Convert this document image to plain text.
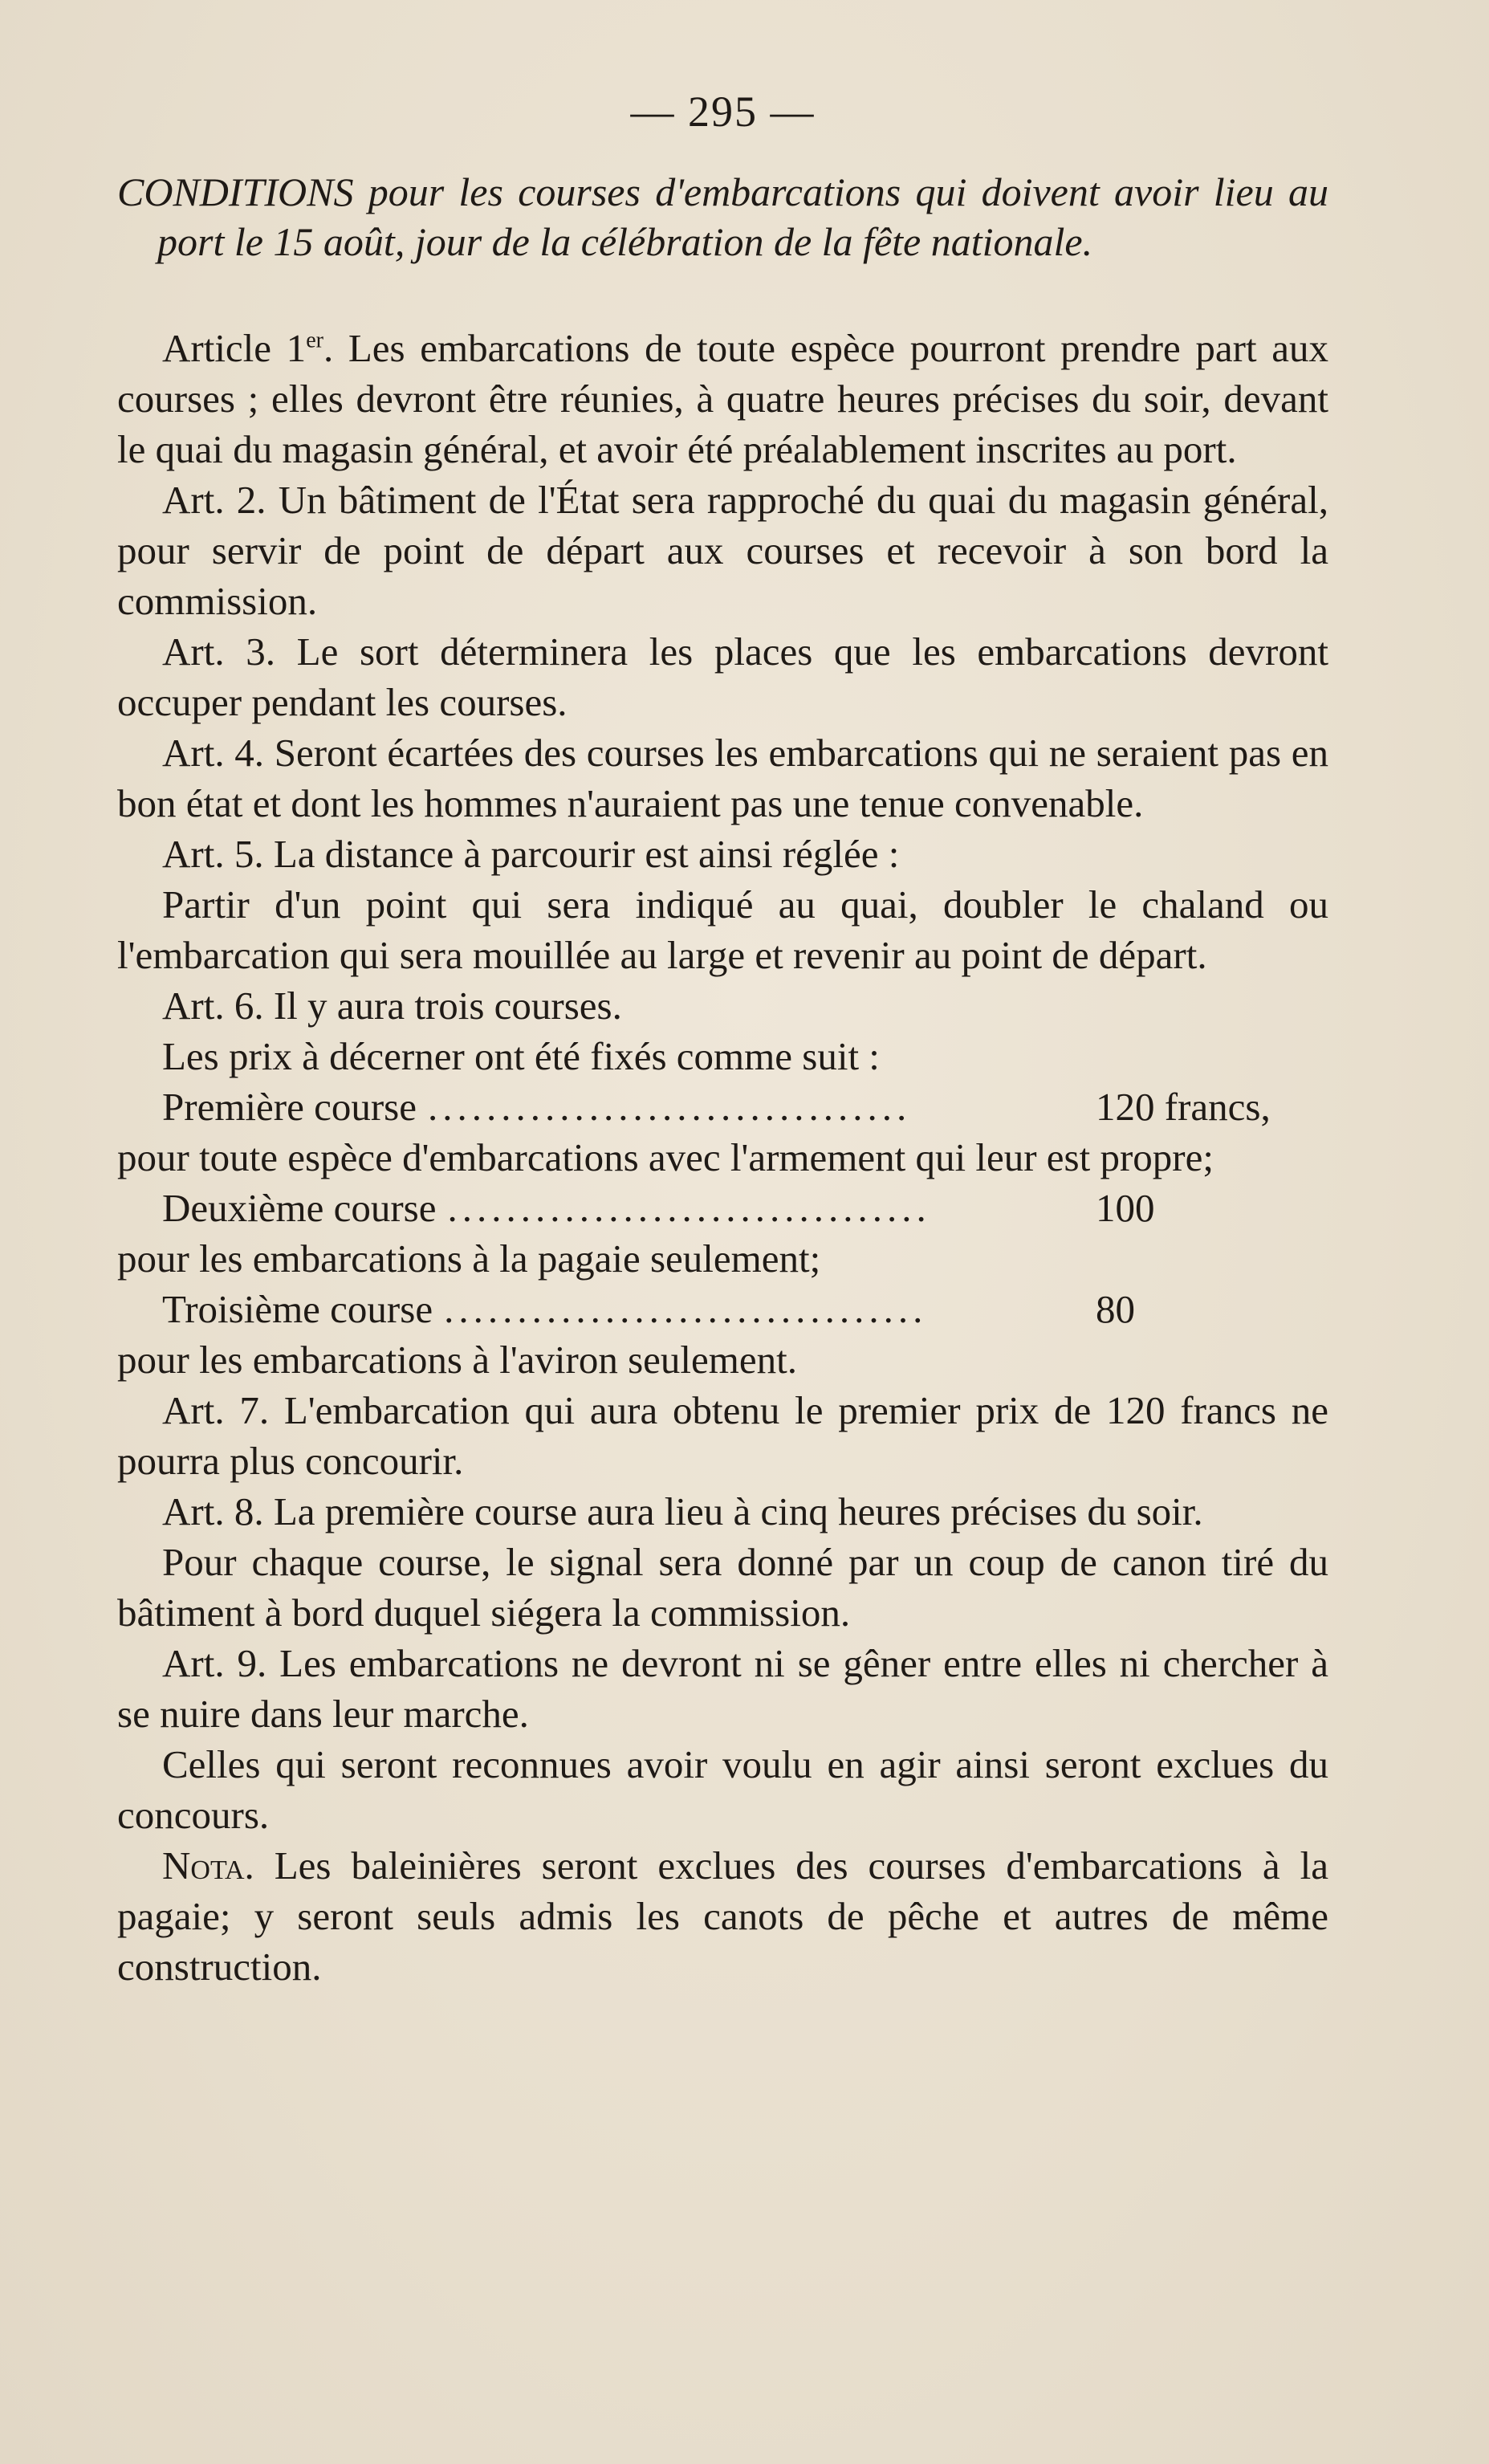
— 295 —
CONDITIONS pour les courses d'embarcations qui doivent avoir lieu au port le 15 août, jour de la célébration de la fête nationale.

Article 1er. Les embarcations de toute espèce pourront prendre part aux courses ; elles devront être réunies, à quatre heures précises du soir, devant le quai du magasin général, et avoir été préalablement inscrites au port.

Art. 2. Un bâtiment de l'État sera rapproché du quai du magasin général, pour servir de point de départ aux courses et recevoir à son bord la commission.

Art. 3. Le sort déterminera les places que les embarcations devront occuper pendant les courses.

Art. 4. Seront écartées des courses les embarcations qui ne seraient pas en bon état et dont les hommes n'auraient pas une tenue convenable.

Art. 5. La distance à parcourir est ainsi réglée :

Partir d'un point qui sera indiqué au quai, doubler le chaland ou l'embarcation qui sera mouillée au large et revenir au point de départ.

Art. 6. Il y aura trois courses.

Les prix à décerner ont été fixés comme suit :

Première course .................................	120 francs,

pour toute espèce d'embarcations avec l'armement qui leur est propre;

Deuxième course .................................	100

pour les embarcations à la pagaie seulement;

Troisième course .................................	80

pour les embarcations à l'aviron seulement.

Art. 7. L'embarcation qui aura obtenu le premier prix de 120 francs ne pourra plus concourir.

Art. 8. La première course aura lieu à cinq heures précises du soir.

Pour chaque course, le signal sera donné par un coup de canon tiré du bâtiment à bord duquel siégera la commission.

Art. 9. Les embarcations ne devront ni se gêner entre elles ni chercher à se nuire dans leur marche.

Celles qui seront reconnues avoir voulu en agir ainsi seront exclues du concours.

Nota. Les baleinières seront exclues des courses d'embarcations à la pagaie; y seront seuls admis les canots de pêche et autres de même construction.
